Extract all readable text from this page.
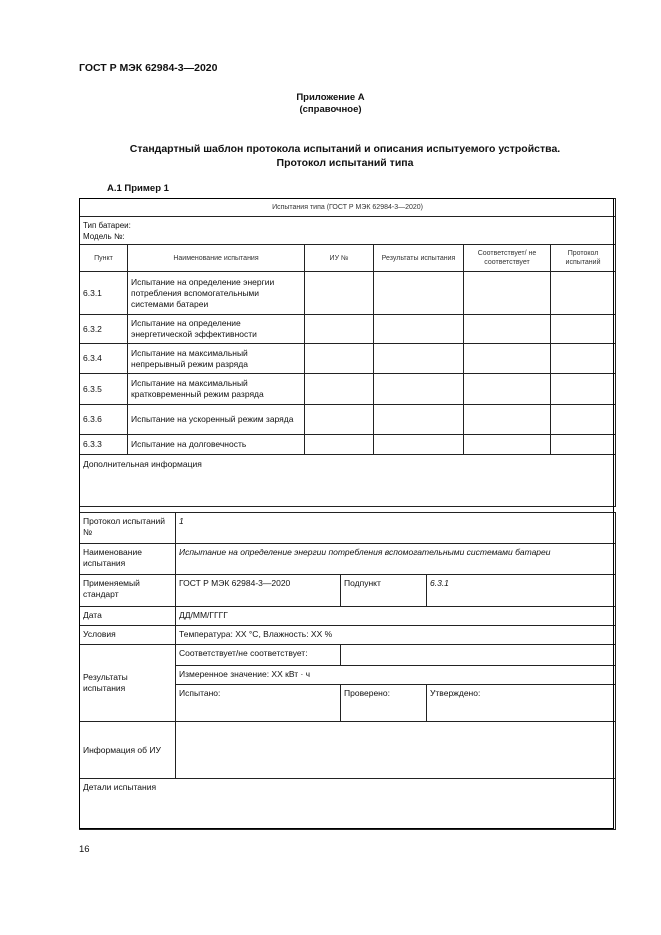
ГОСТ Р МЭК 62984-3—2020
Приложение А
(справочное)
Стандартный шаблон протокола испытаний и описания испытуемого устройства.
Протокол испытаний типа
А.1 Пример 1
Испытания типа (ГОСТ Р МЭК 62984-3—2020)					

Тип батареи:
Модель №:					

Пункт	Наименование испытания	ИУ №	Результаты испытания	Соответствует/ не соответствует	Протокол испытаний
6.3.1	Испытание на определение энергии потребления вспомогательными системами батареи				
6.3.2	Испытание на определение энергетической эффективности				
6.3.4	Испытание на максимальный непрерывный режим разряда				
6.3.5	Испытание на максимальный кратковременный режим разряда				
6.3.6	Испытание на ускоренный режим заряда				
6.3.3	Испытание на долговечность				
Дополнительная информация					
Протокол испытаний №	1		
Наименование испытания	Испытание на определение энергии потребления вспомогательными системами батареи		
Применяемый стандарт	ГОСТ Р МЭК 62984-3—2020	Подпункт	6.3.1
Дата	ДД/ММ/ГГГГ		
Условия	Температура: ХХ °С, Влажность: ХХ %		
Результаты испытания	Соответствует/не соответствует:		
	Измеренное значение: ХХ кВт · ч		
	Испытано:	Проверено:	Утверждено:
Информация об ИУ			
Детали испытания			
16
